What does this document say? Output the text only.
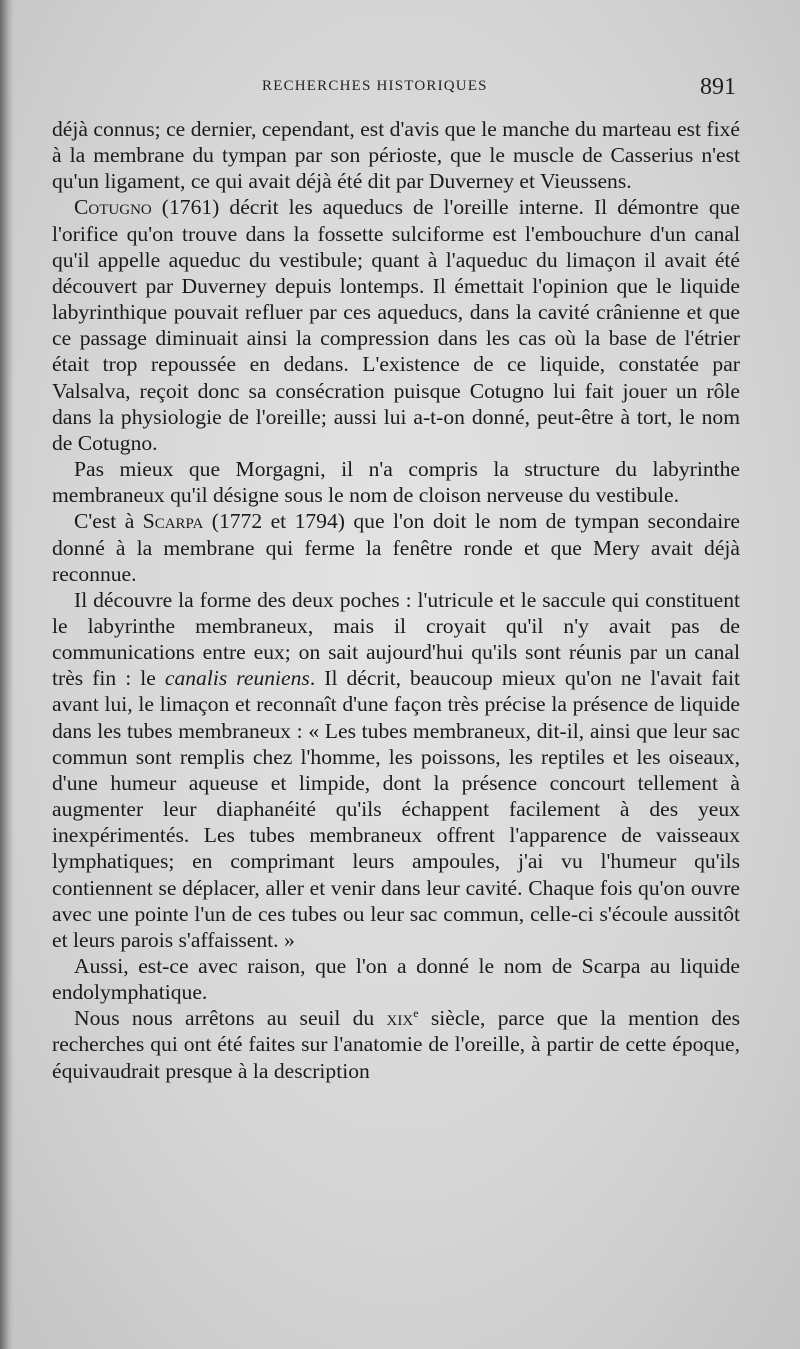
RECHERCHES HISTORIQUES	891

déjà connus; ce dernier, cependant, est d'avis que le manche du marteau est fixé à la membrane du tympan par son périoste, que le muscle de Casserius n'est qu'un ligament, ce qui avait déjà été dit par Duverney et Vieussens.

Cotugno (1761) décrit les aqueducs de l'oreille interne. Il démontre que l'orifice qu'on trouve dans la fossette sulciforme est l'embouchure d'un canal qu'il appelle aqueduc du vestibule; quant à l'aqueduc du limaçon il avait été découvert par Duverney depuis lontemps. Il émettait l'opinion que le liquide labyrinthique pouvait refluer par ces aqueducs, dans la cavité crânienne et que ce passage diminuait ainsi la compression dans les cas où la base de l'étrier était trop repoussée en dedans. L'existence de ce liquide, constatée par Valsalva, reçoit donc sa consécration puisque Cotugno lui fait jouer un rôle dans la physiologie de l'oreille; aussi lui a-t-on donné, peut-être à tort, le nom de Cotugno.

Pas mieux que Morgagni, il n'a compris la structure du labyrinthe membraneux qu'il désigne sous le nom de cloison nerveuse du vestibule.

C'est à Scarpa (1772 et 1794) que l'on doit le nom de tympan secondaire donné à la membrane qui ferme la fenêtre ronde et que Mery avait déjà reconnue.

Il découvre la forme des deux poches : l'utricule et le saccule qui constituent le labyrinthe membraneux, mais il croyait qu'il n'y avait pas de communications entre eux; on sait aujourd'hui qu'ils sont réunis par un canal très fin : le canalis reuniens. Il décrit, beaucoup mieux qu'on ne l'avait fait avant lui, le limaçon et reconnaît d'une façon très précise la présence de liquide dans les tubes membraneux : « Les tubes membraneux, dit-il, ainsi que leur sac commun sont remplis chez l'homme, les poissons, les reptiles et les oiseaux, d'une humeur aqueuse et limpide, dont la présence concourt tellement à augmenter leur diaphanéité qu'ils échappent facilement à des yeux inexpérimentés. Les tubes membraneux offrent l'apparence de vaisseaux lymphatiques; en comprimant leurs ampoules, j'ai vu l'humeur qu'ils contiennent se déplacer, aller et venir dans leur cavité. Chaque fois qu'on ouvre avec une pointe l'un de ces tubes ou leur sac commun, celle-ci s'écoule aussitôt et leurs parois s'affaissent. »

Aussi, est-ce avec raison, que l'on a donné le nom de Scarpa au liquide endolymphatique.

Nous nous arrêtons au seuil du xix$^e$ siècle, parce que la mention des recherches qui ont été faites sur l'anatomie de l'oreille, à partir de cette époque, équivaudrait presque à la description
